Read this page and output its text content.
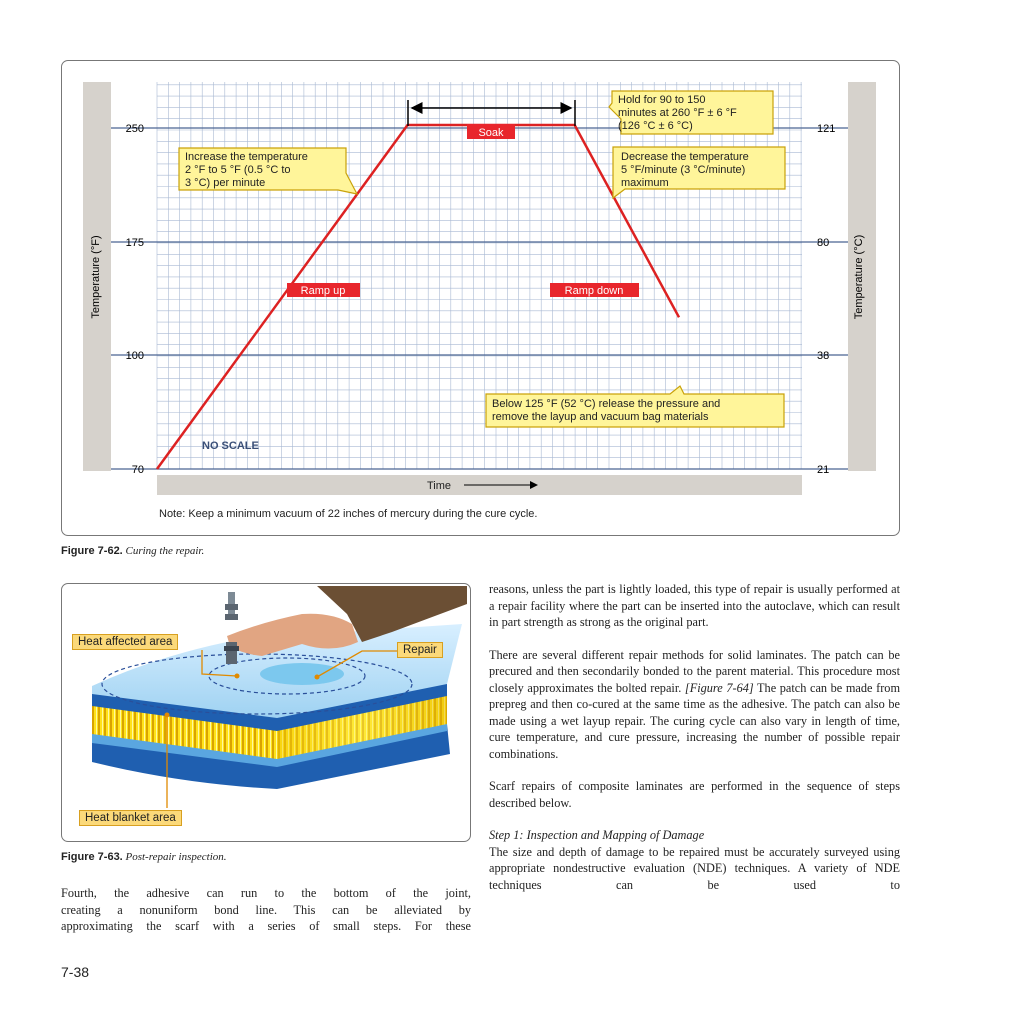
Temperature (°F)	Temperature (°C)
70
100
175
250
21
38
80
121
Increase the temperature 2 °F to 5 °F (0.5 °C to 3 °C) per minute
Hold for 90 to 150 minutes at 260 °F ± 6 °F (126 °C ± 6 °C)
Decrease the temperature 5 °F/minute (3 °C/minute) maximum
Below 125 °F (52 °C) release the pressure and remove the layup and vacuum bag materials
Ramp up
Soak
Ramp down
NO SCALE
Time
Note: Keep a minimum vacuum of 22 inches of mercury during the cure cycle.
Figure 7-62. Curing the repair.
Heat affected area
Repair
Heat blanket area
Figure 7-63. Post-repair inspection.
Fourth, the adhesive can run to the bottom of the joint,
creating a nonuniform bond line. This can be alleviated by
approximating the scarf with a series of small steps. For these

reasons, unless the part is lightly loaded, this type of repair is usually performed at a repair facility where the part can be inserted into the autoclave, which can result in part strength as strong as the original part.

There are several different repair methods for solid laminates. The patch can be precured and then secondarily bonded to the parent material. This procedure most closely approximates the bolted repair. [Figure 7-64] The patch can be made from prepreg and then co-cured at the same time as the adhesive. The patch can also be made using a wet layup repair. The curing cycle can also vary in length of time, cure temperature, and cure pressure, increasing the number of possible repair combinations.

Scarf repairs of composite laminates are performed in the sequence of steps described below.

Step 1: Inspection and Mapping of Damage

The size and depth of damage to be repaired must be accurately surveyed using appropriate nondestructive evaluation (NDE) techniques. A variety of NDE techniques can be used to

7-38
